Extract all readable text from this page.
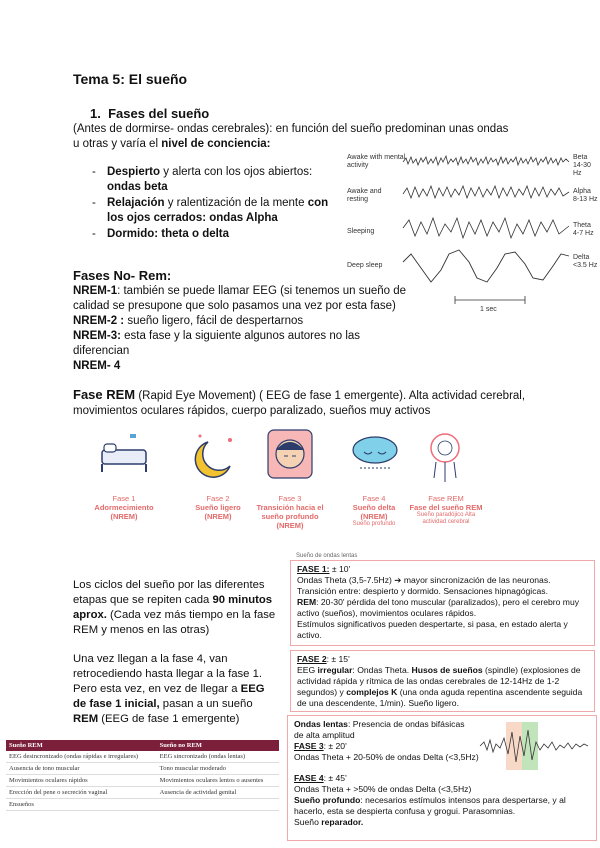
Tema 5: El sueño
1. Fases del sueño
(Antes de dormirse- ondas cerebrales): en función del sueño predominan unas ondas u otras y varía el nivel de conciencia:
- Despierto y alerta con los ojos abiertos: ondas beta
- Relajación y ralentización de la mente con los ojos cerrados: ondas Alpha
- Dormido: theta o delta
Awake with mental activity
Beta 14-30 Hz
Awake and resting
Alpha 8-13 Hz
Sleeping
Theta 4-7 Hz
Deep sleep
Delta <3.5 Hz
1 sec
Fases No- Rem:
NREM-1: también se puede llamar EEG (si tenemos un sueño de calidad se presupone que solo pasamos una vez por esta fase)
NREM-2 : sueño ligero, fácil de despertarnos
NREM-3: esta fase y la siguiente algunos autores no las diferencian
NREM- 4
Fase REM (Rapid Eye Movement) ( EEG de fase 1 emergente). Alta actividad cerebral, movimientos oculares rápidos, cuerpo paralizado, sueños muy activos
Fase 1
Adormecimiento
(NREM)
Fase 2
Sueño ligero
(NREM)
Fase 3
Transición hacia el sueño profundo
(NREM)
Fase 4
Sueño delta
(NREM)
Sueño profundo
Fase REM
Fase del sueño REM
Sueño paradójico Alta actividad cerebral
Los ciclos del sueño por las diferentes etapas que se repiten cada 90 minutos aprox. (Cada vez más tiempo en la fase REM y menos en las otras)
Una vez llegan a la fase 4, van retrocediendo hasta llegar a la fase 1. Pero esta vez, en vez de llegar a EEG de fase 1 inicial, pasan a un sueño REM (EEG de fase 1 emergente)
Sueño de ondas lentas
FASE 1: ± 10'
Ondas Theta (3,5-7.5Hz) ➔ mayor sincronización de las neuronas.
Transición entre: despierto y dormido. Sensaciones hipnagógicas.
REM: 20-30' pérdida del tono muscular (paralizados), pero el cerebro muy activo (sueños), movimientos oculares rápidos.
Estímulos significativos pueden despertarte, si pasa, en estado alerta y activo.
FASE 2: ± 15'
EEG irregular: Ondas Theta. Husos de sueños (spindle) (explosiones de actividad rápida y rítmica de las ondas cerebrales de 12-14Hz de 1-2 segundos) y complejos K (una onda aguda repentina ascendente seguida de una descendente, 1/min). Sueño ligero.
Ondas lentas: Presencia de ondas bifásicas de alta amplitud
FASE 3: ± 20'
Ondas Theta + 20-50% de ondas Delta (<3,5Hz)
FASE 4: ± 45'
Ondas Theta + >50% de ondas Delta (<3,5Hz)
Sueño profundo: necesarios estímulos intensos para despertarse, y al hacerlo, esta se despierta confusa y grogui. Parasomnias.
Sueño reparador.
Sueño REM	Sueño no REM
EEG desincronizado (ondas rápidas e irregulares)	EEG sincronizado (ondas lentas)
Ausencia de tono muscular	Tono muscular moderado
Movimientos oculares rápidos	Movimientos oculares lentos o ausentes
Erección del pene o secreción vaginal	Ausencia de actividad genital
Ensueños	
